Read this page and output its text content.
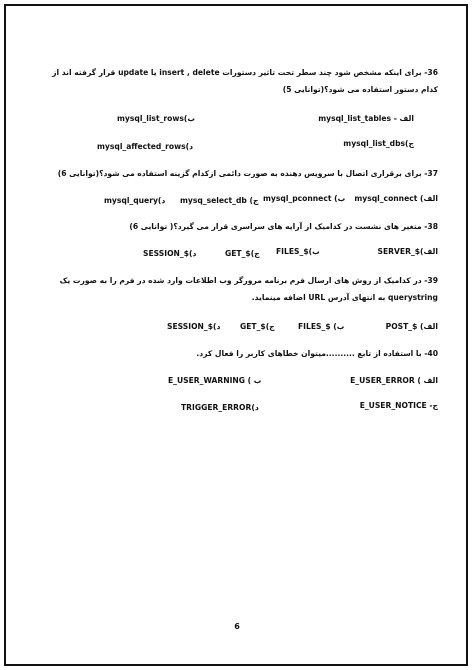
36- برای اینکه مشخص شود چند سطر تحت تاثیر دستورات insert , delete یا update قرار گرفته اند از کدام دستور استفاده می شود؟(توانایی 5)
الف - mysql_list_tables
ب)mysql_list_rows
ج)mysql_list_dbs
د)mysql_affected_rows
37- برای برقراری اتصال با سرویس دهنده به صورت دائمی ازکدام گزینه استفاده می شود؟(توانایی 6)
الف) mysql_connect
ب) mysql_pconnect
ج) mysq_select_db
د)mysql_query
38- متغیر های نشست در کدامیک از آرایه های سراسری قرار می گیرد؟( توانایی 6)
الف)$_SERVER
ب)$_FILES
ج)$_GET
د)$_SESSION
39- در کدامیک از روش های ارسال فرم برنامه مرورگر وب اطلاعات وارد شده در فرم را به صورت یک querystring به انتهای آدرس URL اضافه مینماید.
الف) $_POST
ب) $_FILES
ج)$_GET
د)$_SESSION
40- با استفاده از تابع ..........میتوان خطاهای کاربر را فعال کرد.
الف ) E_USER_ERROR
ب ) E_USER_WARNING
ج- E_USER_NOTICE
د)TRIGGER_ERROR
6
